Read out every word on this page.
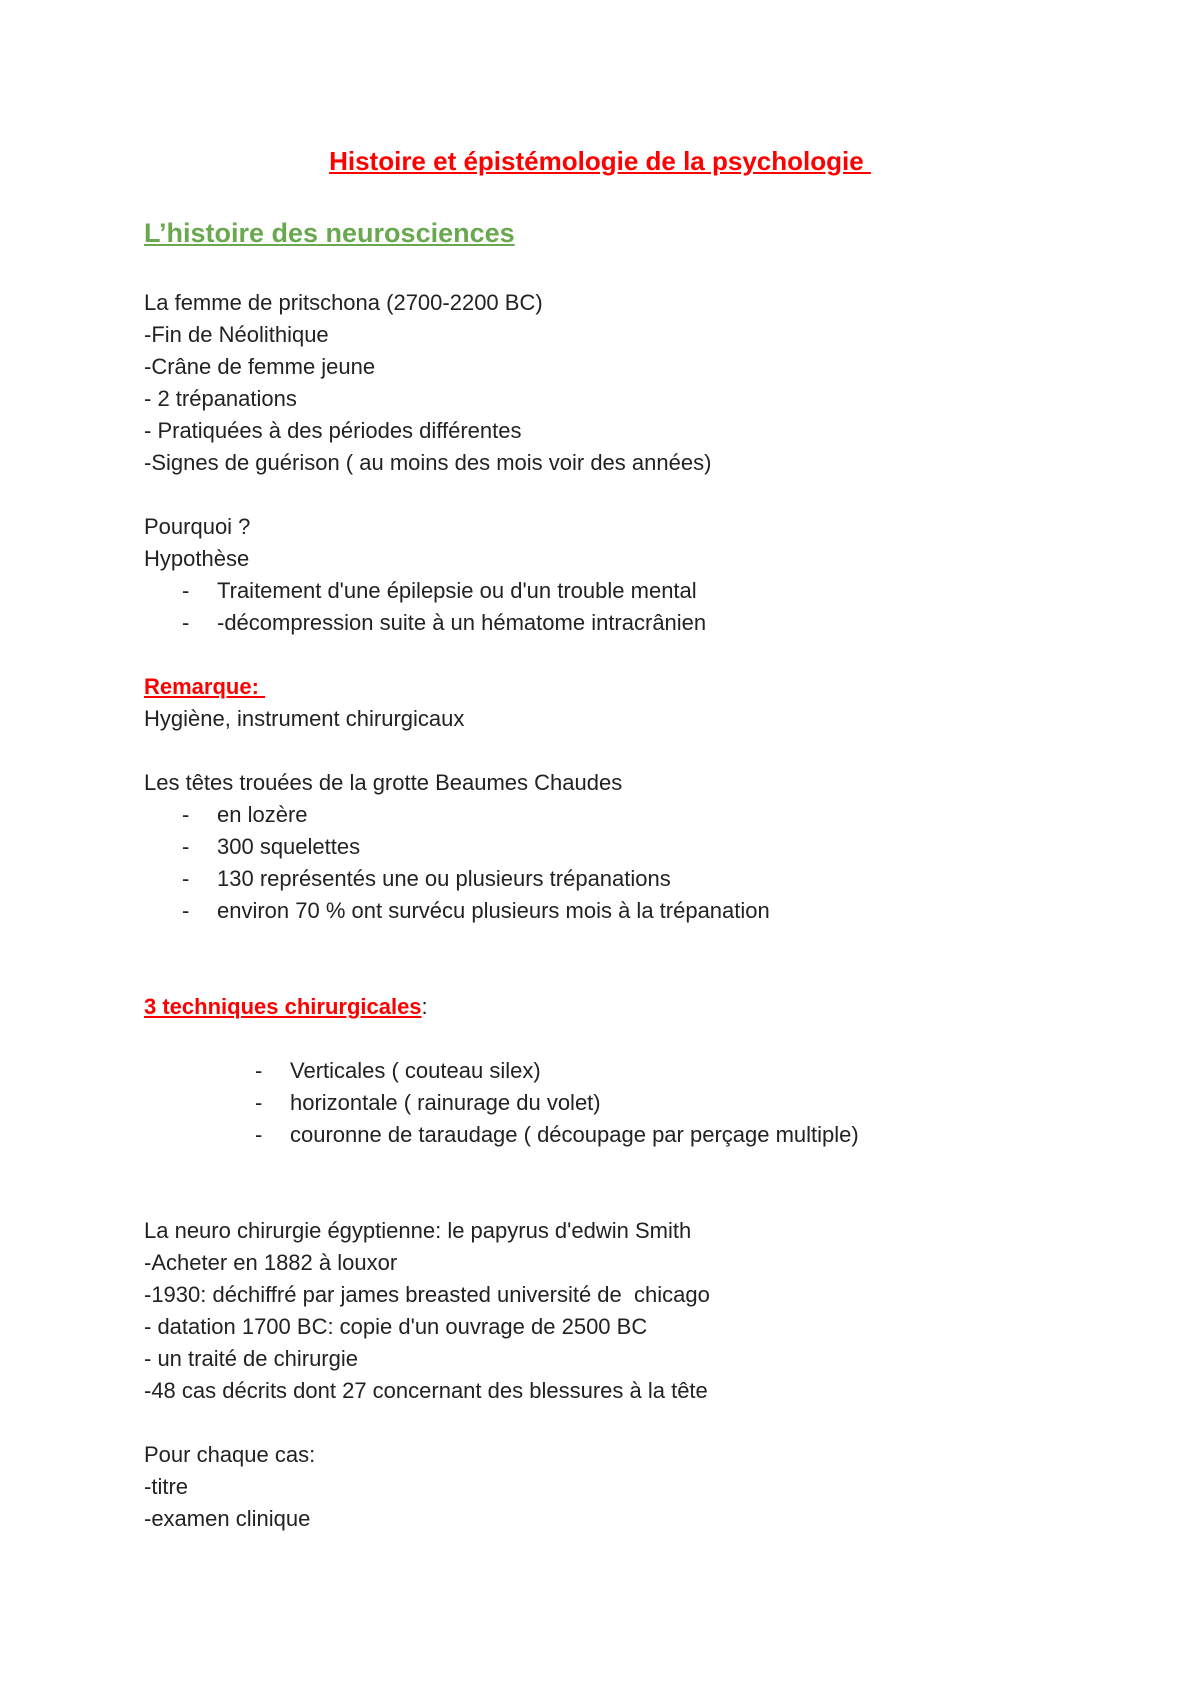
Histoire et épistémologie de la psychologie
L’histoire des neurosciences
La femme de pritschona (2700-2200 BC)
-Fin de Néolithique
-Crâne de femme jeune
- 2 trépanations
- Pratiquées à des périodes différentes
-Signes de guérison ( au moins des mois voir des années)
Pourquoi ?
Hypothèse
-	Traitement d'une épilepsie ou d'un trouble mental
-	-décompression suite à un hématome intracrânien
Remarque:
Hygiène, instrument chirurgicaux
Les têtes trouées de la grotte Beaumes Chaudes
-	en lozère
-	300 squelettes
-	130 représentés une ou plusieurs trépanations
-	environ 70 % ont survécu plusieurs mois à la trépanation
3 techniques chirurgicales:
-	Verticales ( couteau silex)
-	horizontale ( rainurage du volet)
-	couronne de taraudage ( découpage par perçage multiple)
La neuro chirurgie égyptienne: le papyrus d'edwin Smith
-Acheter en 1882 à louxor
-1930: déchiffré par james breasted université de  chicago
- datation 1700 BC: copie d'un ouvrage de 2500 BC
- un traité de chirurgie
-48 cas décrits dont 27 concernant des blessures à la tête
Pour chaque cas:
-titre
-examen clinique
